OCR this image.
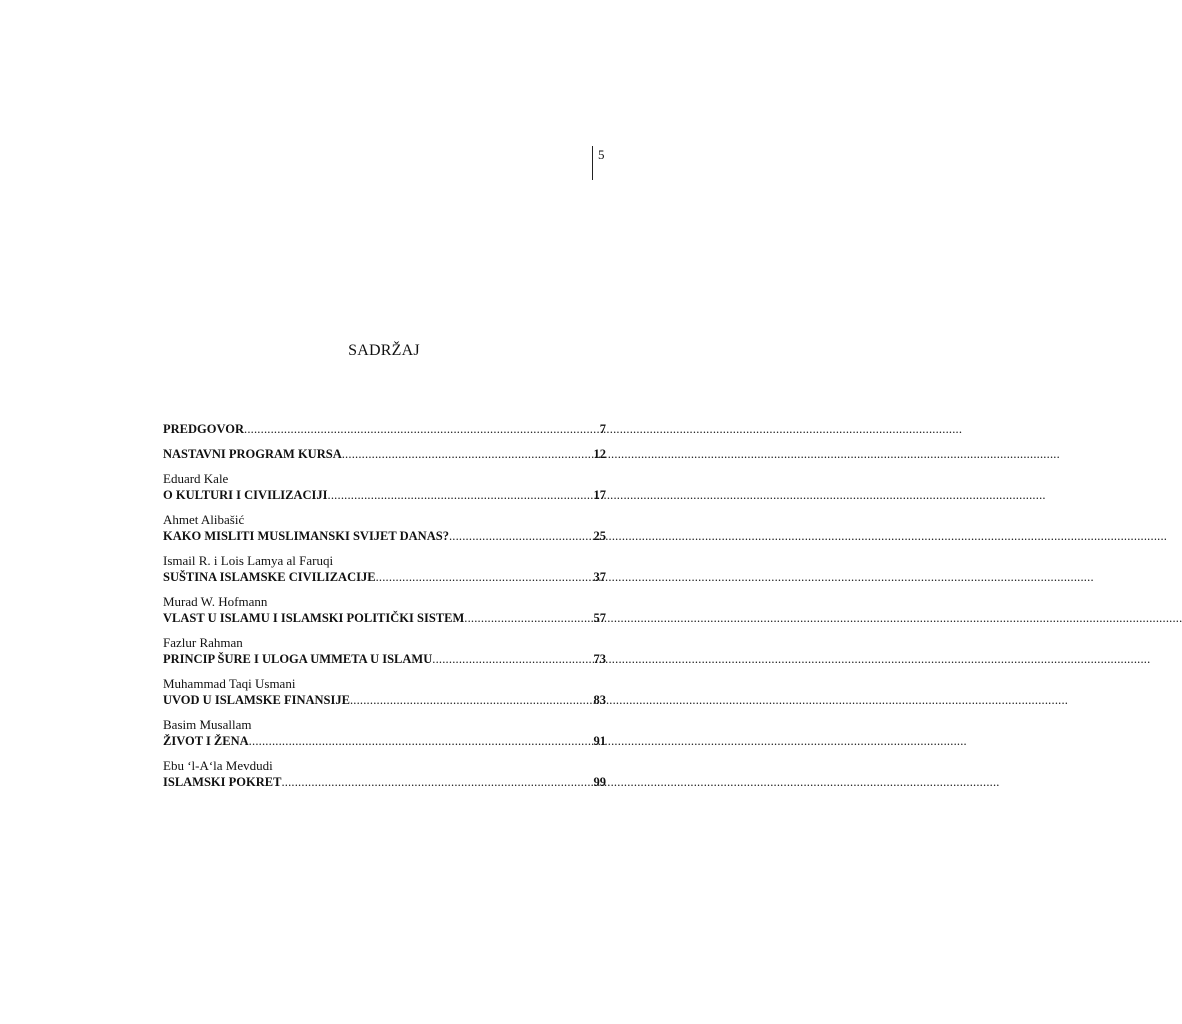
5
SADRŽAJ
PREDGOVOR .....	7
NASTAVNI PROGRAM KURSA .....	12
Eduard Kale
O KULTURI I CIVILIZACIJI .....	17
Ahmet Alibašić
KAKO MISLITI MUSLIMANSKI SVIJET DANAS? .....	25
Ismail R. i Lois Lamya al Faruqi
SUŠTINA ISLAMSKE CIVILIZACIJE .....	37
Murad W. Hofmann
VLAST U ISLAMU I ISLAMSKI POLITIČKI SISTEM .....	57
Fazlur Rahman
PRINCIP ŠURE I ULOGA UMMETA U ISLAMU .....	73
Muhammad Taqi Usmani
UVOD U ISLAMSKE FINANSIJE .....	83
Basim Musallam
ŽIVOT I ŽENA .....	91
Ebu ‘l-A‘la Mevdudi
ISLAMSKI POKRET .....	99
